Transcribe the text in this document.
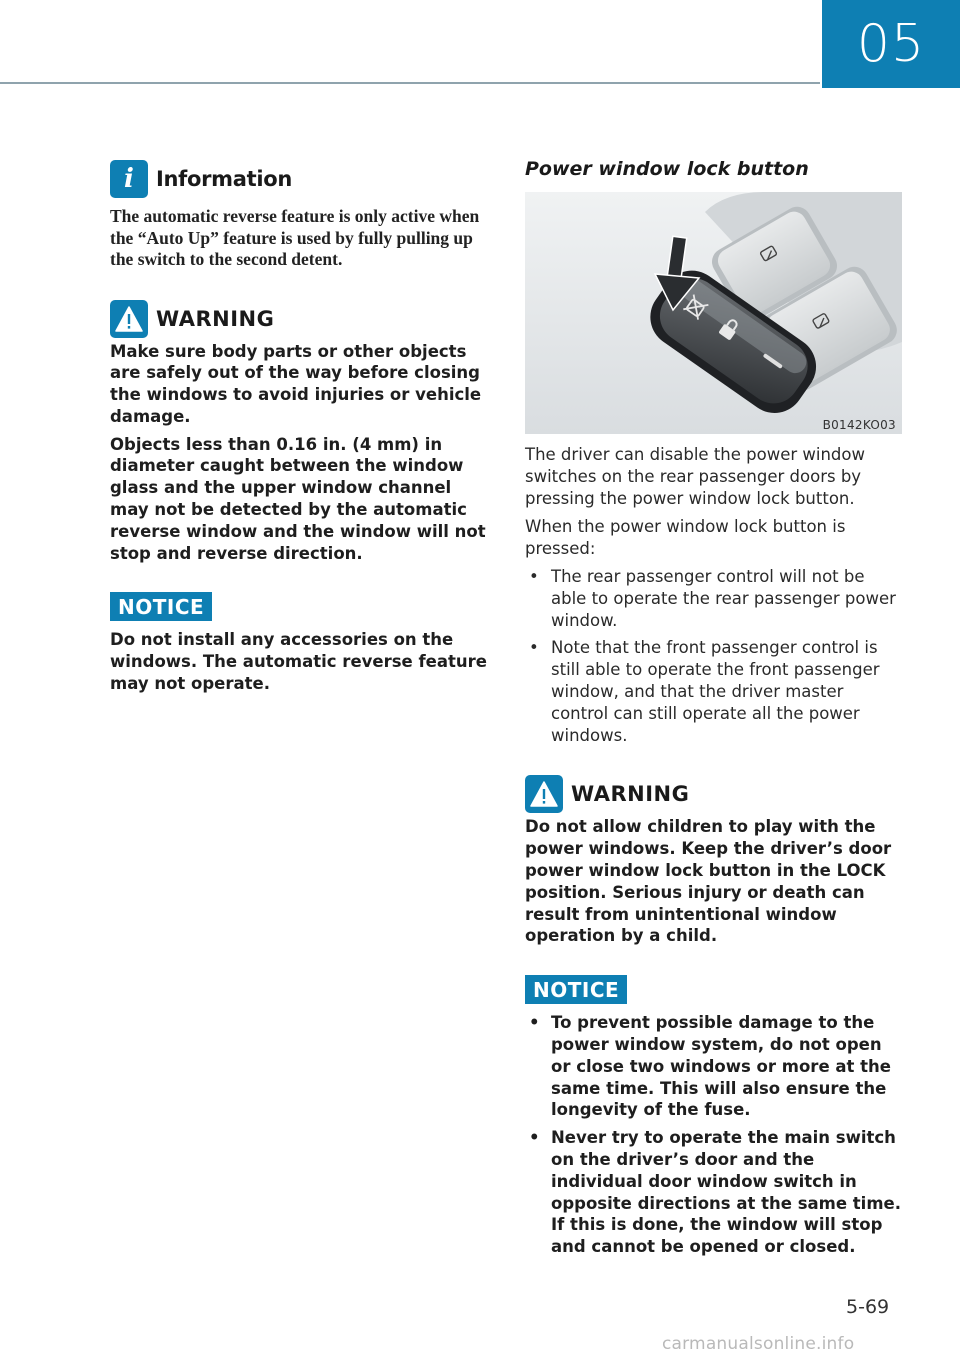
05
i	Information

The automatic reverse feature is only active when the “Auto Up” feature is used by fully pulling up the switch to the second detent.

WARNING

Make sure body parts or other objects are safely out of the way before closing the windows to avoid injuries or vehicle damage.

Objects less than 0.16 in. (4 mm) in diameter caught between the window glass and the upper window channel may not be detected by the automatic reverse window and the window will not stop and reverse direction.

NOTICE

Do not install any accessories on the windows. The automatic reverse feature may not operate.

Power window lock button

B0142KO03

The driver can disable the power window switches on the rear passenger doors by pressing the power window lock button.

When the power window lock button is pressed:

• The rear passenger control will not be able to operate the rear passenger power window.
• Note that the front passenger control is still able to operate the front passenger window, and that the driver master control can still operate all the power windows.
WARNING

Do not allow children to play with the power windows. Keep the driver’s door power window lock button in the LOCK position. Serious injury or death can result from unintentional window operation by a child.

NOTICE
• To prevent possible damage to the power window system, do not open or close two windows or more at the same time. This will also ensure the longevity of the fuse.
• Never try to operate the main switch on the driver’s door and the individual door window switch in opposite directions at the same time. If this is done, the window will stop and cannot be opened or closed.
5-69
carmanualsonline.info
